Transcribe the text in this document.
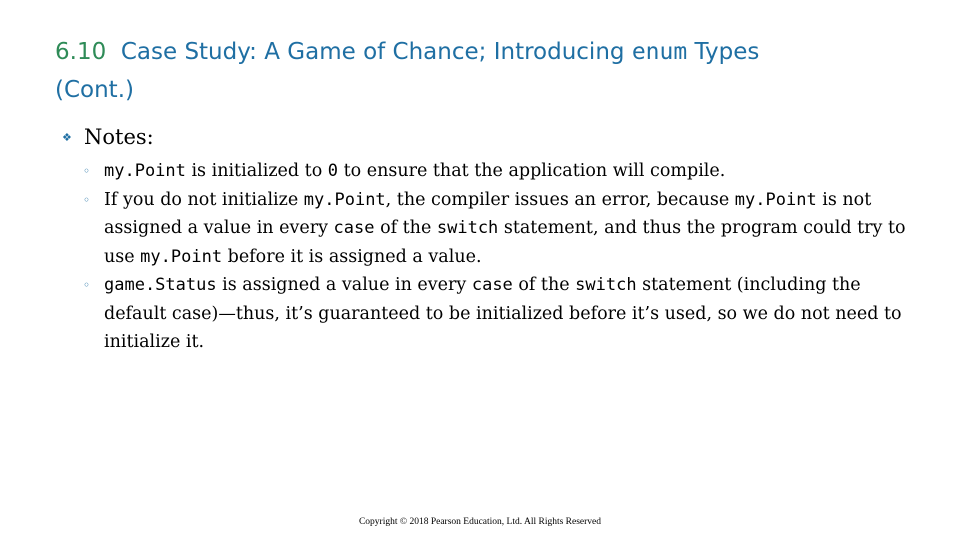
6.10 Case Study: A Game of Chance; Introducing enum Types
(Cont.)
❖ Notes:
◦ my.Point is initialized to 0 to ensure that the application will compile.
◦ If you do not initialize my.Point, the compiler issues an error, because my.Point is not assigned a value in every case of the switch statement, and thus the program could try to use my.Point before it is assigned a value.
◦ game.Status is assigned a value in every case of the switch statement (including the default case)—thus, it’s guaranteed to be initialized before it’s used, so we do not need to initialize it.
Copyright © 2018 Pearson Education, Ltd. All Rights Reserved
